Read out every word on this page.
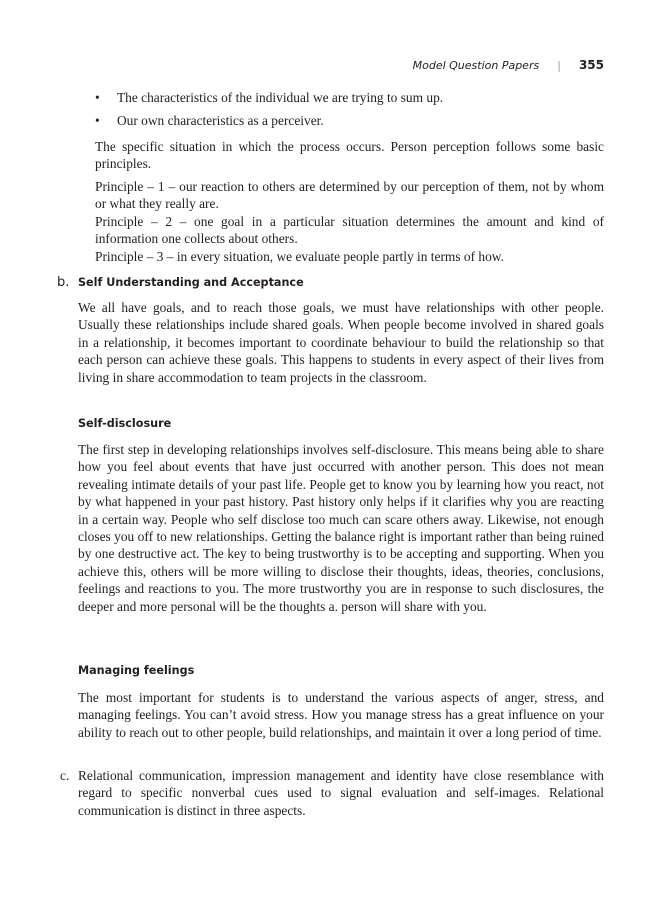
Model Question Papers | 355
• The characteristics of the individual we are trying to sum up.
• Our own characteristics as a perceiver.

The specific situation in which the process occurs. Person perception follows some basic principles.

Principle – 1 – our reaction to others are determined by our perception of them, not by whom or what they really are.

Principle – 2 – one goal in a particular situation determines the amount and kind of information one collects about others.

Principle – 3 – in every situation, we evaluate people partly in terms of how.

b. Self Understanding and Acceptance

We all have goals, and to reach those goals, we must have relationships with other people. Usually these relationships include shared goals. When people become involved in shared goals in a relationship, it becomes important to coordinate behaviour to build the relationship so that each person can achieve these goals. This happens to students in every aspect of their lives from living in share accommodation to team projects in the classroom.

Self-disclosure

The first step in developing relationships involves self-disclosure. This means being able to share how you feel about events that have just occurred with another person. This does not mean revealing intimate details of your past life. People get to know you by learning how you react, not by what happened in your past history. Past history only helps if it clarifies why you are reacting in a certain way. People who self disclose too much can scare others away. Likewise, not enough closes you off to new relationships. Getting the balance right is important rather than being ruined by one destructive act. The key to being trustworthy is to be accepting and supporting. When you achieve this, others will be more willing to disclose their thoughts, ideas, theories, conclusions, feelings and reactions to you. The more trustworthy you are in response to such disclosures, the deeper and more personal will be the thoughts a. person will share with you.

Managing feelings

The most important for students is to understand the various aspects of anger, stress, and managing feelings. You can’t avoid stress. How you manage stress has a great influence on your ability to reach out to other people, build relationships, and maintain it over a long period of time.

c. Relational communication, impression management and identity have close resemblance with regard to specific nonverbal cues used to signal evaluation and self-images. Relational communication is distinct in three aspects.
